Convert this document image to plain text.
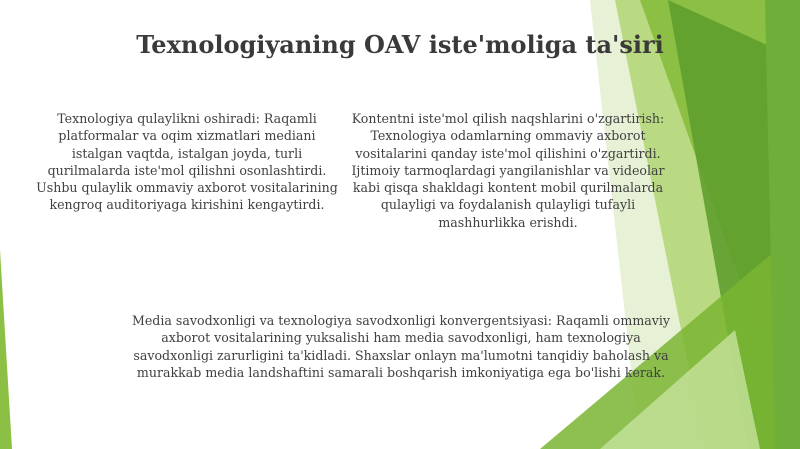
Texnologiyaning OAV iste'moliga ta'siri
Texnologiya qulaylikni oshiradi: Raqamli platformalar va oqim xizmatlari mediani istalgan vaqtda, istalgan joyda, turli qurilmalarda iste'mol qilishni osonlashtirdi. Ushbu qulaylik ommaviy axborot vositalarining kengroq auditoriyaga kirishini kengaytirdi.
Kontentni iste'mol qilish naqshlarini o'zgartirish: Texnologiya odamlarning ommaviy axborot vositalarini qanday iste'mol qilishini o'zgartirdi. Ijtimoiy tarmoqlardagi yangilanishlar va videolar kabi qisqa shakldagi kontent mobil qurilmalarda qulayligi va foydalanish qulayligi tufayli mashhurlikka erishdi.
Media savodxonligi va texnologiya savodxonligi konvergentsiyasi: Raqamli ommaviy axborot vositalarining yuksalishi ham media savodxonligi, ham texnologiya savodxonligi zarurligini ta'kidladi. Shaxslar onlayn ma'lumotni tanqidiy baholash va murakkab media landshaftini samarali boshqarish imkoniyatiga ega bo'lishi kerak.
